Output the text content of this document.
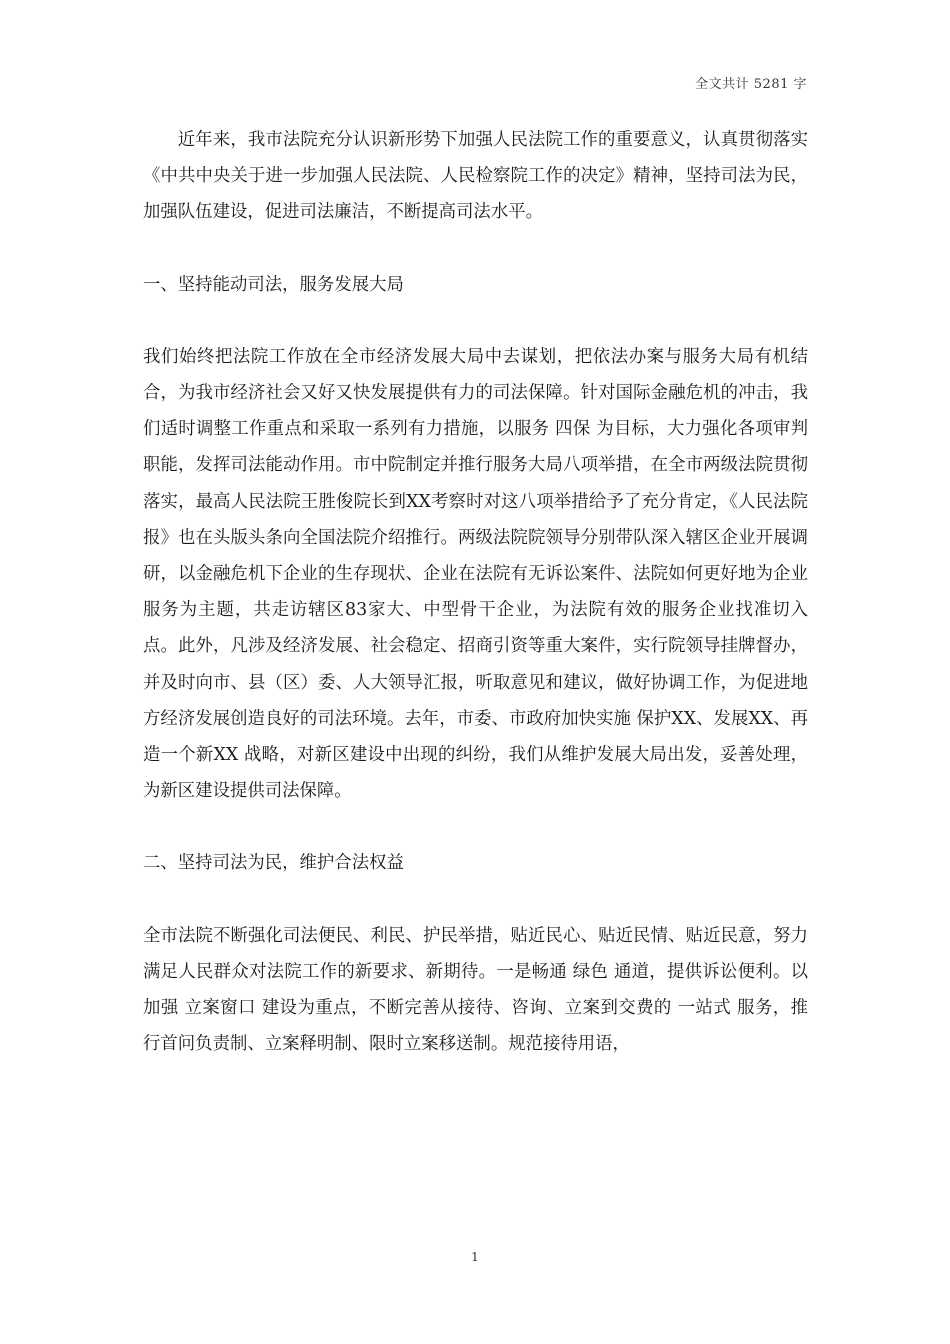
全文共计 5281 字

近年来，我市法院充分认识新形势下加强人民法院工作的重要意义，认真贯彻落实《中共中央关于进一步加强人民法院、人民检察院工作的决定》精神，坚持司法为民，加强队伍建设，促进司法廉洁，不断提高司法水平。

一、坚持能动司法，服务发展大局

我们始终把法院工作放在全市经济发展大局中去谋划，把依法办案与服务大局有机结合，为我市经济社会又好又快发展提供有力的司法保障。针对国际金融危机的冲击，我们适时调整工作重点和采取一系列有力措施，以服务 四保 为目标，大力强化各项审判职能，发挥司法能动作用。市中院制定并推行服务大局八项举措，在全市两级法院贯彻落实，最高人民法院王胜俊院长到XX考察时对这八项举措给予了充分肯定，《人民法院报》也在头版头条向全国法院介绍推行。两级法院院领导分别带队深入辖区企业开展调研，以金融危机下企业的生存现状、企业在法院有无诉讼案件、法院如何更好地为企业服务为主题，共走访辖区83家大、中型骨干企业，为法院有效的服务企业找准切入点。此外，凡涉及经济发展、社会稳定、招商引资等重大案件，实行院领导挂牌督办，并及时向市、县（区）委、人大领导汇报，听取意见和建议，做好协调工作，为促进地方经济发展创造良好的司法环境。去年，市委、市政府加快实施 保护XX、发展XX、再造一个新XX 战略，对新区建设中出现的纠纷，我们从维护发展大局出发，妥善处理，为新区建设提供司法保障。

二、坚持司法为民，维护合法权益

全市法院不断强化司法便民、利民、护民举措，贴近民心、贴近民情、贴近民意，努力满足人民群众对法院工作的新要求、新期待。一是畅通 绿色 通道，提供诉讼便利。以加强 立案窗口 建设为重点，不断完善从接待、咨询、立案到交费的 一站式 服务，推行首问负责制、立案释明制、限时立案移送制。规范接待用语，

1
